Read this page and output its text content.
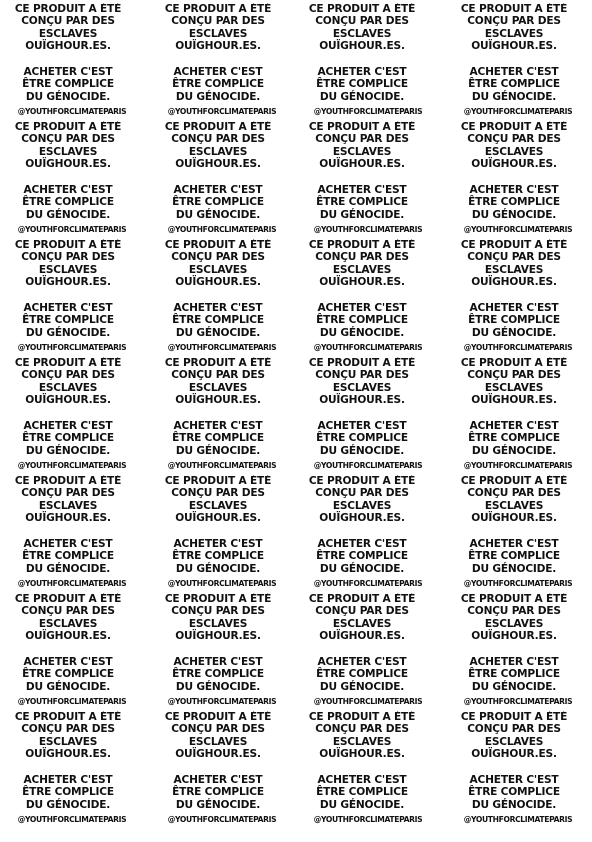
CE PRODUIT A ÉTÉ
CONÇU PAR DES
ESCLAVES
OUÏGHOUR.ES.
ACHETER C'EST
ÊTRE COMPLICE
DU GÉNOCIDE.
@YOUTHFORCLIMATEPARIS
CE PRODUIT A ÉTÉ
CONÇU PAR DES
ESCLAVES
OUÏGHOUR.ES.
ACHETER C'EST
ÊTRE COMPLICE
DU GÉNOCIDE.
@YOUTHFORCLIMATEPARIS
CE PRODUIT A ÉTÉ
CONÇU PAR DES
ESCLAVES
OUÏGHOUR.ES.
ACHETER C'EST
ÊTRE COMPLICE
DU GÉNOCIDE.
@YOUTHFORCLIMATEPARIS
CE PRODUIT A ÉTÉ
CONÇU PAR DES
ESCLAVES
OUÏGHOUR.ES.
ACHETER C'EST
ÊTRE COMPLICE
DU GÉNOCIDE.
@YOUTHFORCLIMATEPARIS
CE PRODUIT A ÉTÉ
CONÇU PAR DES
ESCLAVES
OUÏGHOUR.ES.
ACHETER C'EST
ÊTRE COMPLICE
DU GÉNOCIDE.
@YOUTHFORCLIMATEPARIS
CE PRODUIT A ÉTÉ
CONÇU PAR DES
ESCLAVES
OUÏGHOUR.ES.
ACHETER C'EST
ÊTRE COMPLICE
DU GÉNOCIDE.
@YOUTHFORCLIMATEPARIS
CE PRODUIT A ÉTÉ
CONÇU PAR DES
ESCLAVES
OUÏGHOUR.ES.
ACHETER C'EST
ÊTRE COMPLICE
DU GÉNOCIDE.
@YOUTHFORCLIMATEPARIS
CE PRODUIT A ÉTÉ
CONÇU PAR DES
ESCLAVES
OUÏGHOUR.ES.
ACHETER C'EST
ÊTRE COMPLICE
DU GÉNOCIDE.
@YOUTHFORCLIMATEPARIS
CE PRODUIT A ÉTÉ
CONÇU PAR DES
ESCLAVES
OUÏGHOUR.ES.
ACHETER C'EST
ÊTRE COMPLICE
DU GÉNOCIDE.
@YOUTHFORCLIMATEPARIS
CE PRODUIT A ÉTÉ
CONÇU PAR DES
ESCLAVES
OUÏGHOUR.ES.
ACHETER C'EST
ÊTRE COMPLICE
DU GÉNOCIDE.
@YOUTHFORCLIMATEPARIS
CE PRODUIT A ÉTÉ
CONÇU PAR DES
ESCLAVES
OUÏGHOUR.ES.
ACHETER C'EST
ÊTRE COMPLICE
DU GÉNOCIDE.
@YOUTHFORCLIMATEPARIS
CE PRODUIT A ÉTÉ
CONÇU PAR DES
ESCLAVES
OUÏGHOUR.ES.
ACHETER C'EST
ÊTRE COMPLICE
DU GÉNOCIDE.
@YOUTHFORCLIMATEPARIS
CE PRODUIT A ÉTÉ
CONÇU PAR DES
ESCLAVES
OUÏGHOUR.ES.
ACHETER C'EST
ÊTRE COMPLICE
DU GÉNOCIDE.
@YOUTHFORCLIMATEPARIS
CE PRODUIT A ÉTÉ
CONÇU PAR DES
ESCLAVES
OUÏGHOUR.ES.
ACHETER C'EST
ÊTRE COMPLICE
DU GÉNOCIDE.
@YOUTHFORCLIMATEPARIS
CE PRODUIT A ÉTÉ
CONÇU PAR DES
ESCLAVES
OUÏGHOUR.ES.
ACHETER C'EST
ÊTRE COMPLICE
DU GÉNOCIDE.
@YOUTHFORCLIMATEPARIS
CE PRODUIT A ÉTÉ
CONÇU PAR DES
ESCLAVES
OUÏGHOUR.ES.
ACHETER C'EST
ÊTRE COMPLICE
DU GÉNOCIDE.
@YOUTHFORCLIMATEPARIS
CE PRODUIT A ÉTÉ
CONÇU PAR DES
ESCLAVES
OUÏGHOUR.ES.
ACHETER C'EST
ÊTRE COMPLICE
DU GÉNOCIDE.
@YOUTHFORCLIMATEPARIS
CE PRODUIT A ÉTÉ
CONÇU PAR DES
ESCLAVES
OUÏGHOUR.ES.
ACHETER C'EST
ÊTRE COMPLICE
DU GÉNOCIDE.
@YOUTHFORCLIMATEPARIS
CE PRODUIT A ÉTÉ
CONÇU PAR DES
ESCLAVES
OUÏGHOUR.ES.
ACHETER C'EST
ÊTRE COMPLICE
DU GÉNOCIDE.
@YOUTHFORCLIMATEPARIS
CE PRODUIT A ÉTÉ
CONÇU PAR DES
ESCLAVES
OUÏGHOUR.ES.
ACHETER C'EST
ÊTRE COMPLICE
DU GÉNOCIDE.
@YOUTHFORCLIMATEPARIS
CE PRODUIT A ÉTÉ
CONÇU PAR DES
ESCLAVES
OUÏGHOUR.ES.
ACHETER C'EST
ÊTRE COMPLICE
DU GÉNOCIDE.
@YOUTHFORCLIMATEPARIS
CE PRODUIT A ÉTÉ
CONÇU PAR DES
ESCLAVES
OUÏGHOUR.ES.
ACHETER C'EST
ÊTRE COMPLICE
DU GÉNOCIDE.
@YOUTHFORCLIMATEPARIS
CE PRODUIT A ÉTÉ
CONÇU PAR DES
ESCLAVES
OUÏGHOUR.ES.
ACHETER C'EST
ÊTRE COMPLICE
DU GÉNOCIDE.
@YOUTHFORCLIMATEPARIS
CE PRODUIT A ÉTÉ
CONÇU PAR DES
ESCLAVES
OUÏGHOUR.ES.
ACHETER C'EST
ÊTRE COMPLICE
DU GÉNOCIDE.
@YOUTHFORCLIMATEPARIS
CE PRODUIT A ÉTÉ
CONÇU PAR DES
ESCLAVES
OUÏGHOUR.ES.
ACHETER C'EST
ÊTRE COMPLICE
DU GÉNOCIDE.
@YOUTHFORCLIMATEPARIS
CE PRODUIT A ÉTÉ
CONÇU PAR DES
ESCLAVES
OUÏGHOUR.ES.
ACHETER C'EST
ÊTRE COMPLICE
DU GÉNOCIDE.
@YOUTHFORCLIMATEPARIS
CE PRODUIT A ÉTÉ
CONÇU PAR DES
ESCLAVES
OUÏGHOUR.ES.
ACHETER C'EST
ÊTRE COMPLICE
DU GÉNOCIDE.
@YOUTHFORCLIMATEPARIS
CE PRODUIT A ÉTÉ
CONÇU PAR DES
ESCLAVES
OUÏGHOUR.ES.
ACHETER C'EST
ÊTRE COMPLICE
DU GÉNOCIDE.
@YOUTHFORCLIMATEPARIS
